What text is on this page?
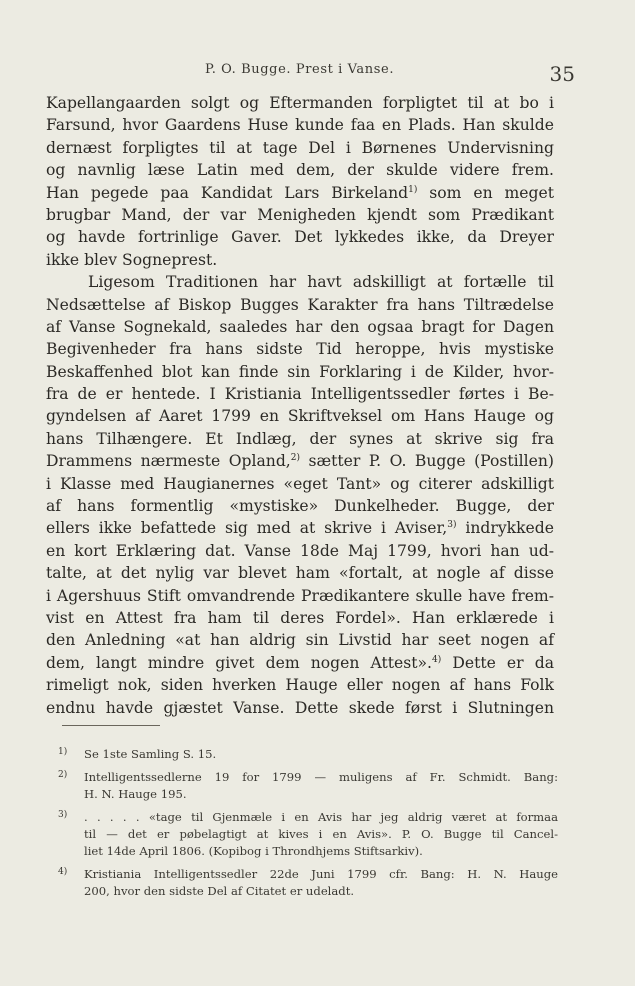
P. O. Bugge. Prest i Vanse.	35
Kapellangaarden solgt og Eftermanden forpligtet til at bo i
Farsund, hvor Gaardens Huse kunde faa en Plads. Han skulde
dernæst forpligtes til at tage Del i Børnenes Undervisning
og navnlig læse Latin med dem, der skulde videre frem.
Han pegede paa Kandidat Lars Birkeland$^{1)}$ som en meget
brugbar Mand, der var Menigheden kjendt som Prædikant
og havde fortrinlige Gaver. Det lykkedes ikke, da Dreyer
ikke blev Sogneprest.
Ligesom Traditionen har havt adskilligt at fortælle til
Nedsættelse af Biskop Bugges Karakter fra hans Tiltrædelse
af Vanse Sognekald, saaledes har den ogsaa bragt for Dagen
Begivenheder fra hans sidste Tid heroppe, hvis mystiske
Beskaffenhed blot kan finde sin Forklaring i de Kilder, hvor-
fra de er hentede. I Kristiania Intelligentssedler førtes i Be-
gyndelsen af Aaret 1799 en Skriftveksel om Hans Hauge og
hans Tilhængere. Et Indlæg, der synes at skrive sig fra
Drammens nærmeste Opland,$^{2)}$ sætter P. O. Bugge (Postillen)
i Klasse med Haugianernes «eget Tant» og citerer adskilligt
af hans formentlig «mystiske» Dunkelheder. Bugge, der
ellers ikke befattede sig med at skrive i Aviser,$^{3)}$ indrykkede
en kort Erklæring dat. Vanse 18de Maj 1799, hvori han ud-
talte, at det nylig var blevet ham «fortalt, at nogle af disse
i Agershuus Stift omvandrende Prædikantere skulle have frem-
vist en Attest fra ham til deres Fordel». Han erklærede i
den Anledning «at han aldrig sin Livstid har seet nogen af
dem, langt mindre givet dem nogen Attest».$^{4)}$ Dette er da
rimeligt nok, siden hverken Hauge eller nogen af hans Folk
endnu havde gjæstet Vanse. Dette skede først i Slutningen
1) Se 1ste Samling S. 15.
2) Intelligentssedlerne 19 for 1799 — muligens af Fr. Schmidt. Bang:
H. N. Hauge 195.
3) . . . . . «tage til Gjenmæle i en Avis har jeg aldrig været at formaa
til — det er pøbelagtigt at kives i en Avis». P. O. Bugge til Cancel-
liet 14de April 1806. (Kopibog i Throndhjems Stiftsarkiv).
4) Kristiania Intelligentssedler 22de Juni 1799 cfr. Bang: H. N. Hauge
200, hvor den sidste Del af Citatet er udeladt.
